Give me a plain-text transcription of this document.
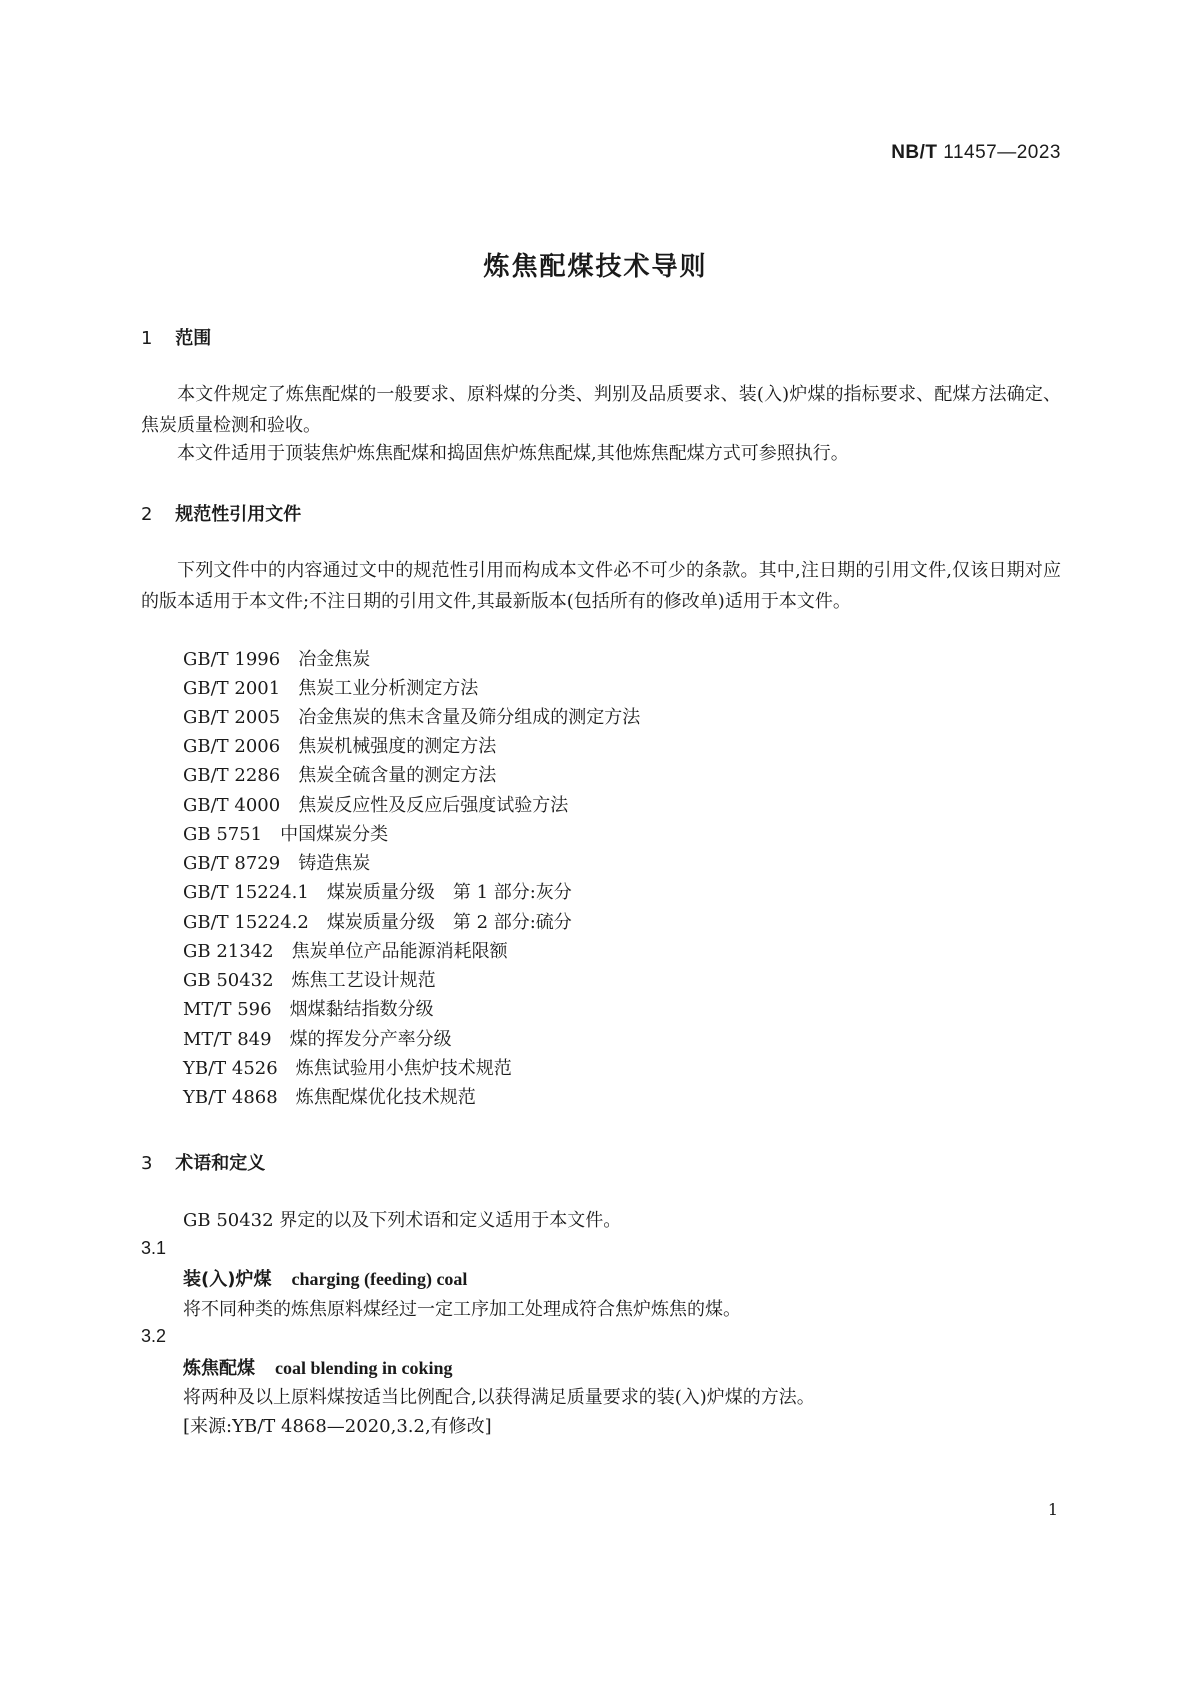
NB/T 11457—2023
炼焦配煤技术导则
1 范围
本文件规定了炼焦配煤的一般要求、原料煤的分类、判别及品质要求、装(入)炉煤的指标要求、配煤方法确定、焦炭质量检测和验收。
本文件适用于顶装焦炉炼焦配煤和捣固焦炉炼焦配煤,其他炼焦配煤方式可参照执行。
2 规范性引用文件
下列文件中的内容通过文中的规范性引用而构成本文件必不可少的条款。其中,注日期的引用文件,仅该日期对应的版本适用于本文件;不注日期的引用文件,其最新版本(包括所有的修改单)适用于本文件。
GB/T 1996 冶金焦炭
GB/T 2001 焦炭工业分析测定方法
GB/T 2005 冶金焦炭的焦末含量及筛分组成的测定方法
GB/T 2006 焦炭机械强度的测定方法
GB/T 2286 焦炭全硫含量的测定方法
GB/T 4000 焦炭反应性及反应后强度试验方法
GB 5751 中国煤炭分类
GB/T 8729 铸造焦炭
GB/T 15224.1 煤炭质量分级　第 1 部分:灰分
GB/T 15224.2 煤炭质量分级　第 2 部分:硫分
GB 21342 焦炭单位产品能源消耗限额
GB 50432 炼焦工艺设计规范
MT/T 596 烟煤黏结指数分级
MT/T 849 煤的挥发分产率分级
YB/T 4526 炼焦试验用小焦炉技术规范
YB/T 4868 炼焦配煤优化技术规范
3 术语和定义
GB 50432 界定的以及下列术语和定义适用于本文件。
3.1
装(入)炉煤 charging (feeding) coal
将不同种类的炼焦原料煤经过一定工序加工处理成符合焦炉炼焦的煤。
3.2
炼焦配煤 coal blending in coking
将两种及以上原料煤按适当比例配合,以获得满足质量要求的装(入)炉煤的方法。
[来源:YB/T 4868—2020,3.2,有修改]
1
